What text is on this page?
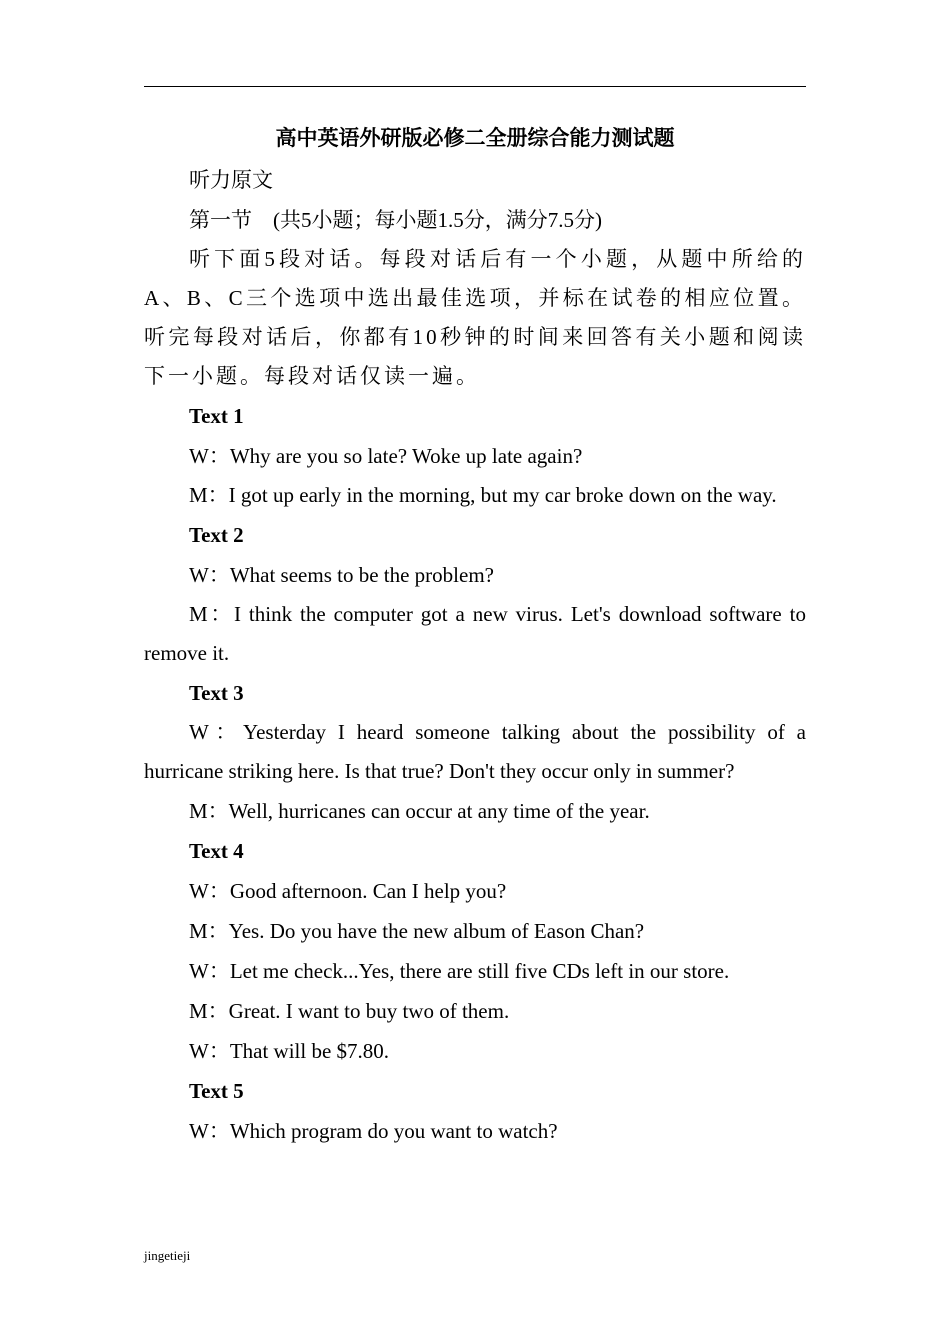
高中英语外研版必修二全册综合能力测试题
听力原文
第一节　(共5小题；每小题1.5分，满分7.5分)
听下面5段对话。每段对话后有一个小题，从题中所给的A、B、C三个选项中选出最佳选项，并标在试卷的相应位置。听完每段对话后，你都有10秒钟的时间来回答有关小题和阅读下一小题。每段对话仅读一遍。
Text 1
W：Why are you so late? Woke up late again?
M：I got up early in the morning, but my car broke down on the way.
Text 2
W：What seems to be the problem?
M：I think the computer got a new virus. Let's download software to remove it.
Text 3
W：Yesterday I heard someone talking about the possibility of a hurricane striking here. Is that true? Don't they occur only in summer?
M：Well, hurricanes can occur at any time of the year.
Text 4
W：Good afternoon. Can I help you?
M：Yes. Do you have the new album of Eason Chan?
W：Let me check...Yes, there are still five CDs left in our store.
M：Great. I want to buy two of them.
W：That will be $7.80.
Text 5
W：Which program do you want to watch?
jingetieji
